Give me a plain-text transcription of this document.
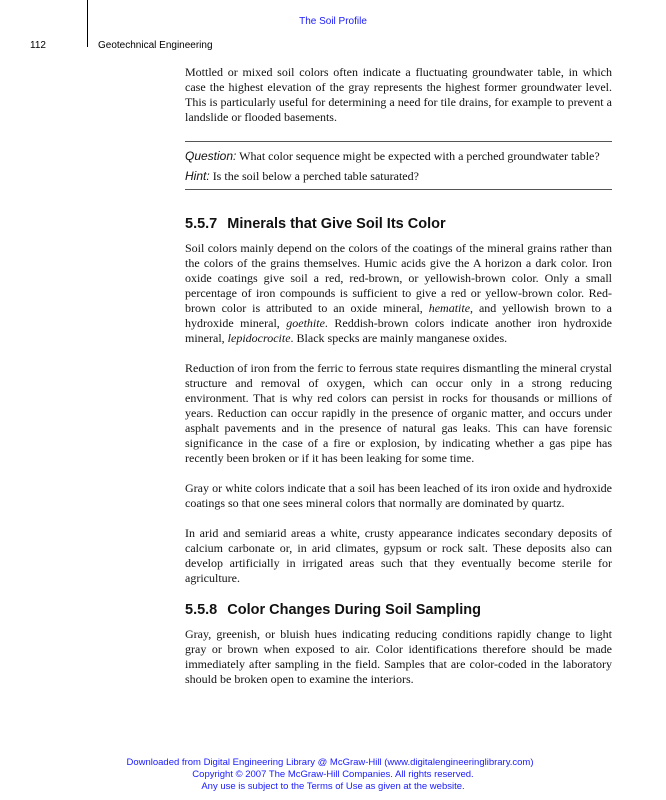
The Soil Profile
112	Geotechnical Engineering

Mottled or mixed soil colors often indicate a fluctuating groundwater table, in which case the highest elevation of the gray represents the highest former groundwater level. This is particularly useful for determining a need for tile drains, for example to prevent a landslide or flooded basements.

Question: What color sequence might be expected with a perched groundwater table?

Hint: Is the soil below a perched table saturated?

5.5.7 Minerals that Give Soil Its Color

Soil colors mainly depend on the colors of the coatings of the mineral grains rather than the colors of the grains themselves. Humic acids give the A horizon a dark color. Iron oxide coatings give soil a red, red-brown, or yellowish-brown color. Only a small percentage of iron compounds is sufficient to give a red or yellow-brown color. Red-brown color is attributed to an oxide mineral, hematite, and yellowish brown to a hydroxide mineral, goethite. Reddish-brown colors indicate another iron hydroxide mineral, lepidocrocite. Black specks are mainly manganese oxides.

Reduction of iron from the ferric to ferrous state requires dismantling the mineral crystal structure and removal of oxygen, which can occur only in a strong reducing environment. That is why red colors can persist in rocks for thousands or millions of years. Reduction can occur rapidly in the presence of organic matter, and occurs under asphalt pavements and in the presence of natural gas leaks. This can have forensic significance in the case of a fire or explosion, by indicating whether a gas pipe has recently been broken or if it has been leaking for some time.

Gray or white colors indicate that a soil has been leached of its iron oxide and hydroxide coatings so that one sees mineral colors that normally are dominated by quartz.

In arid and semiarid areas a white, crusty appearance indicates secondary deposits of calcium carbonate or, in arid climates, gypsum or rock salt. These deposits also can develop artificially in irrigated areas such that they eventually become sterile for agriculture.

5.5.8 Color Changes During Soil Sampling

Gray, greenish, or bluish hues indicating reducing conditions rapidly change to light gray or brown when exposed to air. Color identifications therefore should be made immediately after sampling in the field. Samples that are color-coded in the laboratory should be broken open to examine the interiors.

Downloaded from Digital Engineering Library @ McGraw-Hill (www.digitalengineeringlibrary.com)
Copyright © 2007 The McGraw-Hill Companies. All rights reserved.
Any use is subject to the Terms of Use as given at the website.
